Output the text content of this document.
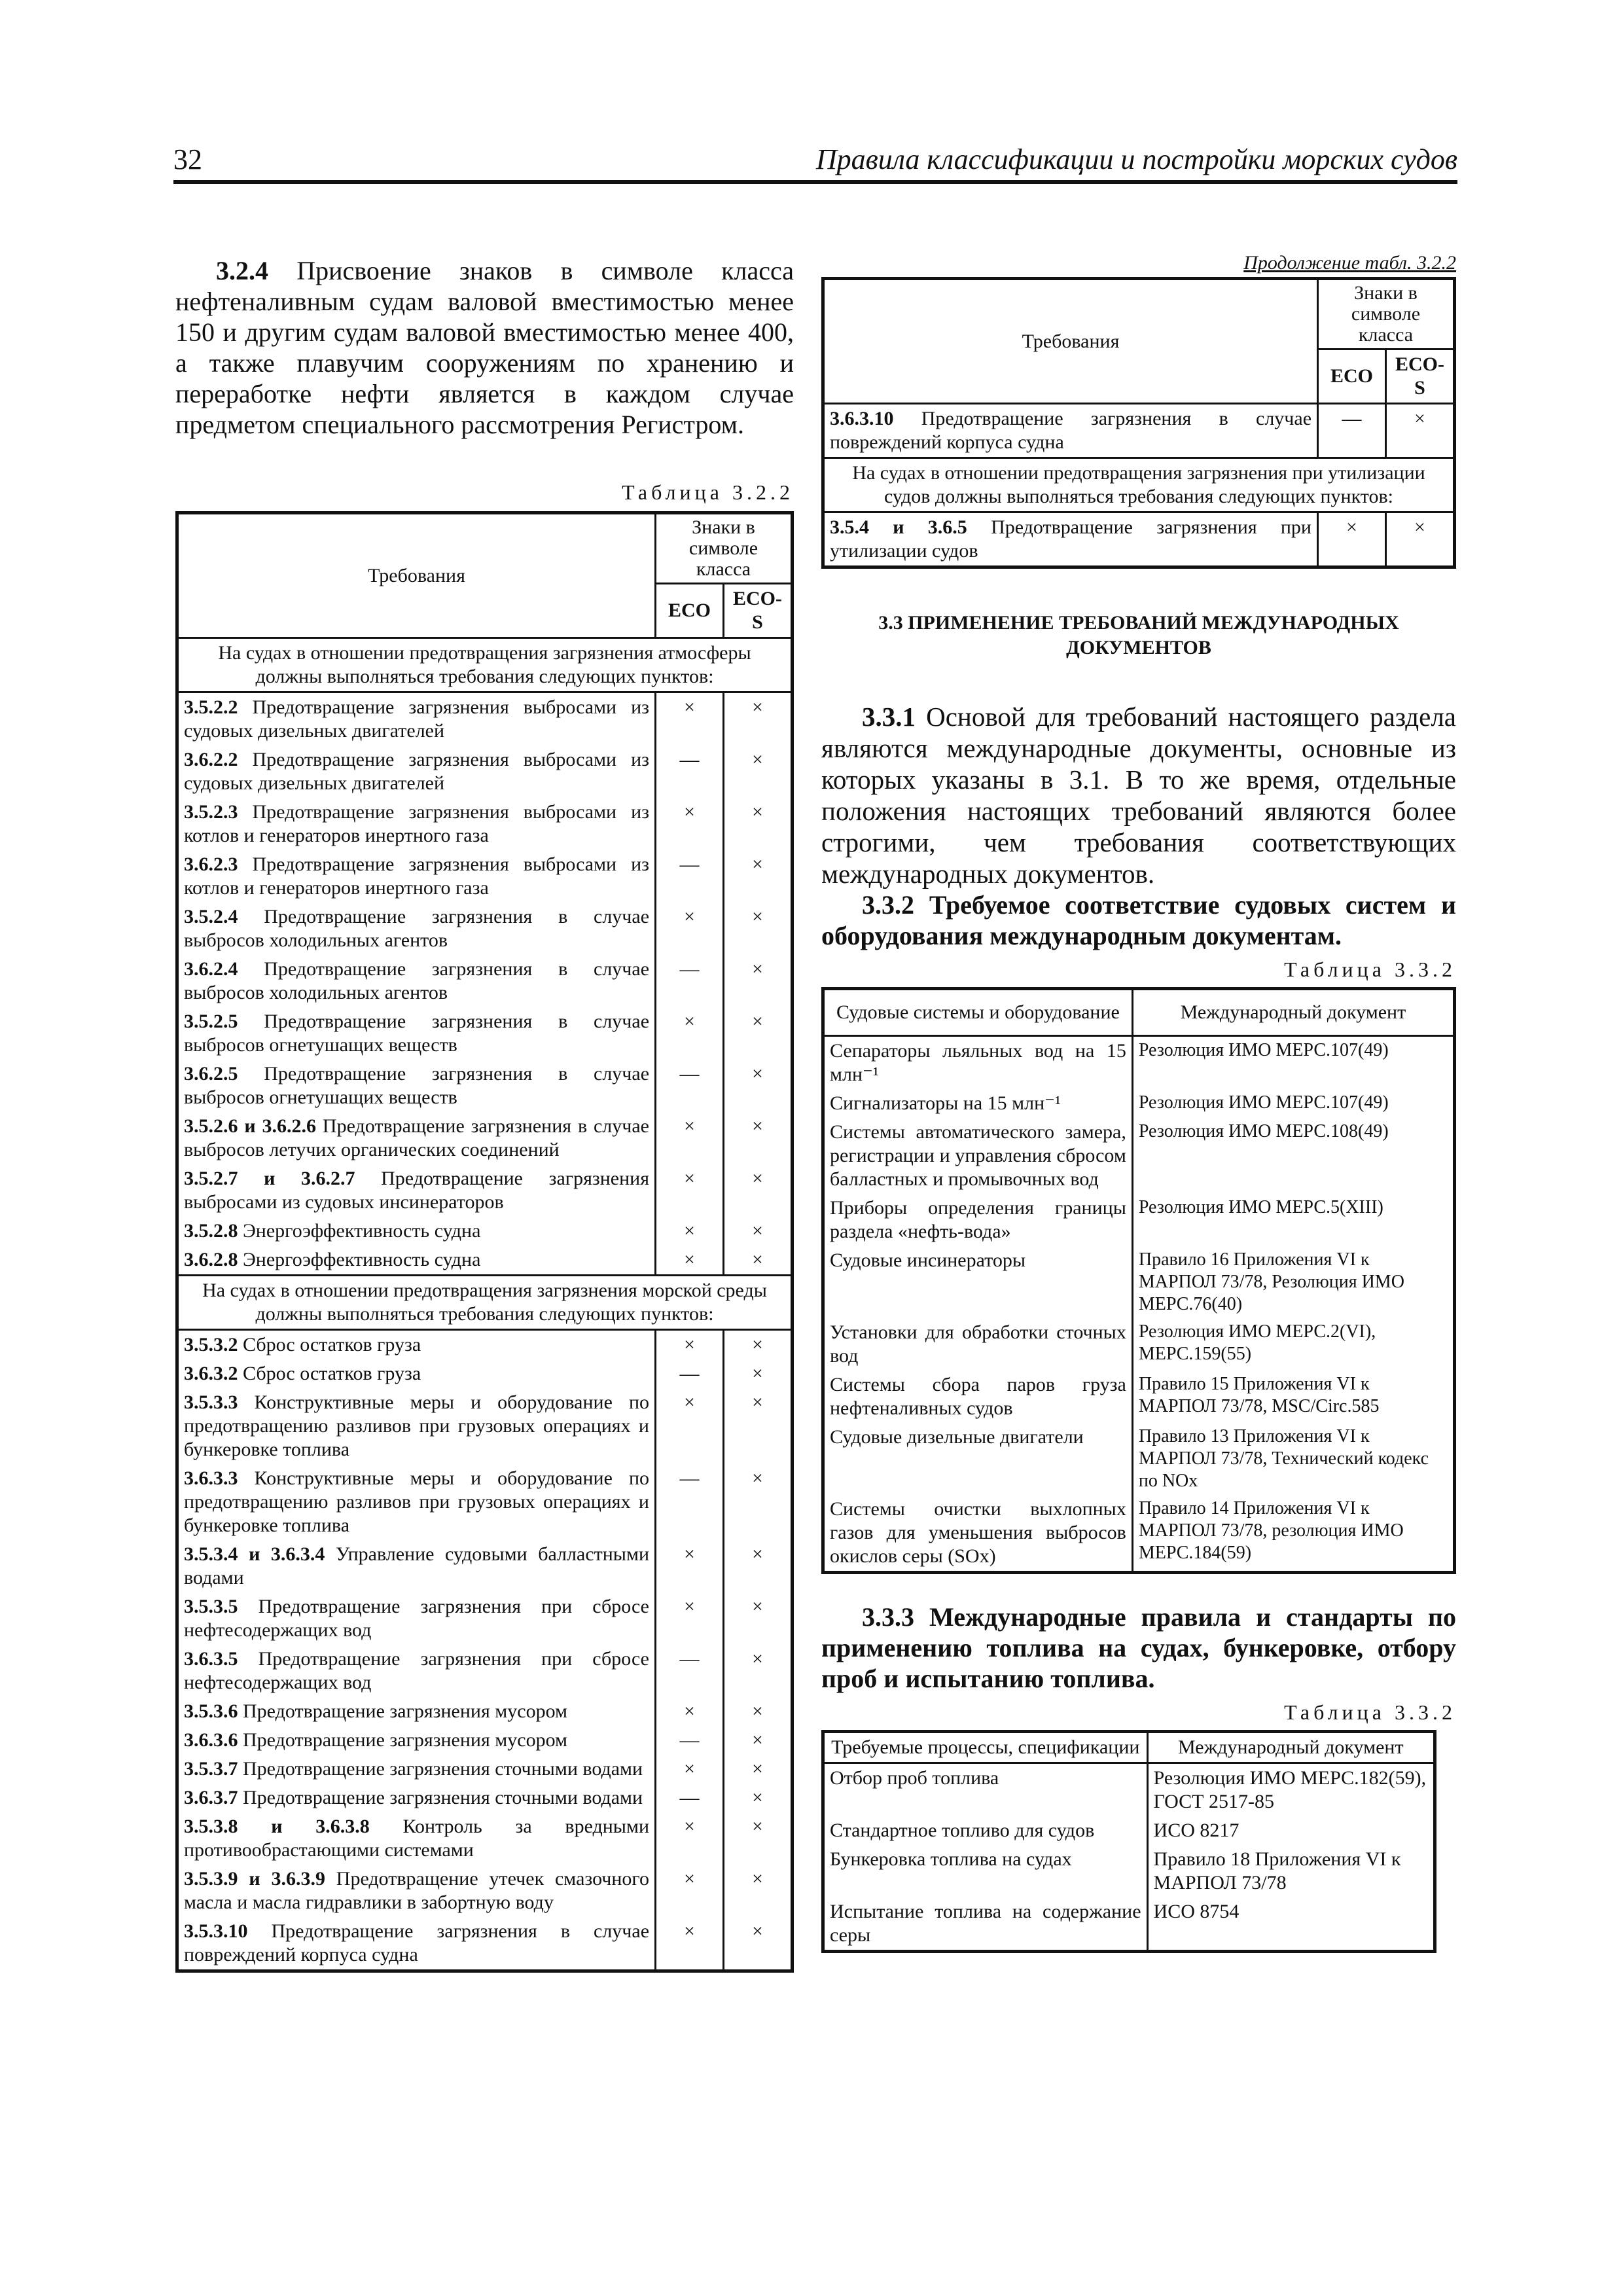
32	Правила классификации и постройки морских судов

3.2.4 Присвоение знаков в символе класса нефтеналивным судам валовой вместимостью менее 150 и другим судам валовой вместимостью менее 400, а также плавучим сооружениям по хранению и переработке нефти является в каждом случае предметом специального рассмотрения Регистром.

Таблица 3.2.2

Требования	Знаки в символе класса	
	ECO	ECO-S
На судах в отношении предотвращения загрязнения атмосферы должны выполняться требования следующих пунктов:		
3.5.2.2 Предотвращение загрязнения выбросами из судовых дизельных двигателей	×	×
3.6.2.2 Предотвращение загрязнения выбросами из судовых дизельных двигателей	—	×
3.5.2.3 Предотвращение загрязнения выбросами из котлов и генераторов инертного газа	×	×
3.6.2.3 Предотвращение загрязнения выбросами из котлов и генераторов инертного газа	—	×
3.5.2.4 Предотвращение загрязнения в случае выбросов холодильных агентов	×	×
3.6.2.4 Предотвращение загрязнения в случае выбросов холодильных агентов	—	×
3.5.2.5 Предотвращение загрязнения в случае выбросов огнетушащих веществ	×	×
3.6.2.5 Предотвращение загрязнения в случае выбросов огнетушащих веществ	—	×
3.5.2.6 и 3.6.2.6 Предотвращение загрязнения в случае выбросов летучих органических соединений	×	×
3.5.2.7 и 3.6.2.7 Предотвращение загрязнения выбросами из судовых инсинераторов	×	×
3.5.2.8 Энергоэффективность судна	×	×
3.6.2.8 Энергоэффективность судна	×	×
На судах в отношении предотвращения загрязнения морской среды должны выполняться требования следующих пунктов:		
3.5.3.2 Сброс остатков груза	×	×
3.6.3.2 Сброс остатков груза	—	×
3.5.3.3 Конструктивные меры и оборудование по предотвращению разливов при грузовых операциях и бункеровке топлива	×	×
3.6.3.3 Конструктивные меры и оборудование по предотвращению разливов при грузовых операциях и бункеровке топлива	—	×
3.5.3.4 и 3.6.3.4 Управление судовыми балластными водами	×	×
3.5.3.5 Предотвращение загрязнения при сбросе нефтесодержащих вод	×	×
3.6.3.5 Предотвращение загрязнения при сбросе нефтесодержащих вод	—	×
3.5.3.6 Предотвращение загрязнения мусором	×	×
3.6.3.6 Предотвращение загрязнения мусором	—	×
3.5.3.7 Предотвращение загрязнения сточными водами	×	×
3.6.3.7 Предотвращение загрязнения сточными водами	—	×
3.5.3.8 и 3.6.3.8 Контроль за вредными противообрастающими системами	×	×
3.5.3.9 и 3.6.3.9 Предотвращение утечек смазочного масла и масла гидравлики в забортную воду	×	×
3.5.3.10 Предотвращение загрязнения в случае повреждений корпуса судна	×	×

Продолжение табл. 3.2.2

Требования	Знаки в символе класса	
	ECO	ECO-S
3.6.3.10 Предотвращение загрязнения в случае повреждений корпуса судна	—	×
На судах в отношении предотвращения загрязнения при утилизации судов должны выполняться требования следующих пунктов:		
3.5.4 и 3.6.5 Предотвращение загрязнения при утилизации судов	×	×

3.3 ПРИМЕНЕНИЕ ТРЕБОВАНИЙ МЕЖДУНАРОДНЫХ ДОКУМЕНТОВ

3.3.1 Основой для требований настоящего раздела являются международные документы, основные из которых указаны в 3.1. В то же время, отдельные положения настоящих требований являются более строгими, чем требования соответствующих международных документов.

3.3.2 Требуемое соответствие судовых систем и оборудования международным документам.

Таблица 3.3.2

Судовые системы и оборудование	Международный документ
Сепараторы льяльных вод на 15 млн⁻¹	Резолюция ИМО МЕРС.107(49)
Сигнализаторы на 15 млн⁻¹	Резолюция ИМО МЕРС.107(49)
Системы автоматического замера, регистрации и управления сбросом балластных и промывочных вод	Резолюция ИМО МЕРС.108(49)
Приборы определения границы раздела «нефть-вода»	Резолюция ИМО МЕРС.5(XIII)
Судовые инсинераторы	Правило 16 Приложения VI к МАРПОЛ 73/78, Резолюция ИМО МЕРС.76(40)
Установки для обработки сточных вод	Резолюция ИМО МЕРС.2(VI), МЕРС.159(55)
Системы сбора паров груза нефтеналивных судов	Правило 15 Приложения VI к МАРПОЛ 73/78, MSC/Circ.585
Судовые дизельные двигатели	Правило 13 Приложения VI к МАРПОЛ 73/78, Технический кодекс по NOx
Системы очистки выхлопных газов для уменьшения выбросов окислов серы (SOx)	Правило 14 Приложения VI к МАРПОЛ 73/78, резолюция ИМО МЕРС.184(59)

3.3.3 Международные правила и стандарты по применению топлива на судах, бункеровке, отбору проб и испытанию топлива.

Таблица 3.3.2

Требуемые процессы, спецификации	Международный документ
Отбор проб топлива	Резолюция ИМО МЕРС.182(59), ГОСТ 2517-85
Стандартное топливо для судов	ИСО 8217
Бункеровка топлива на судах	Правило 18 Приложения VI к МАРПОЛ 73/78
Испытание топлива на содержание серы	ИСО 8754
